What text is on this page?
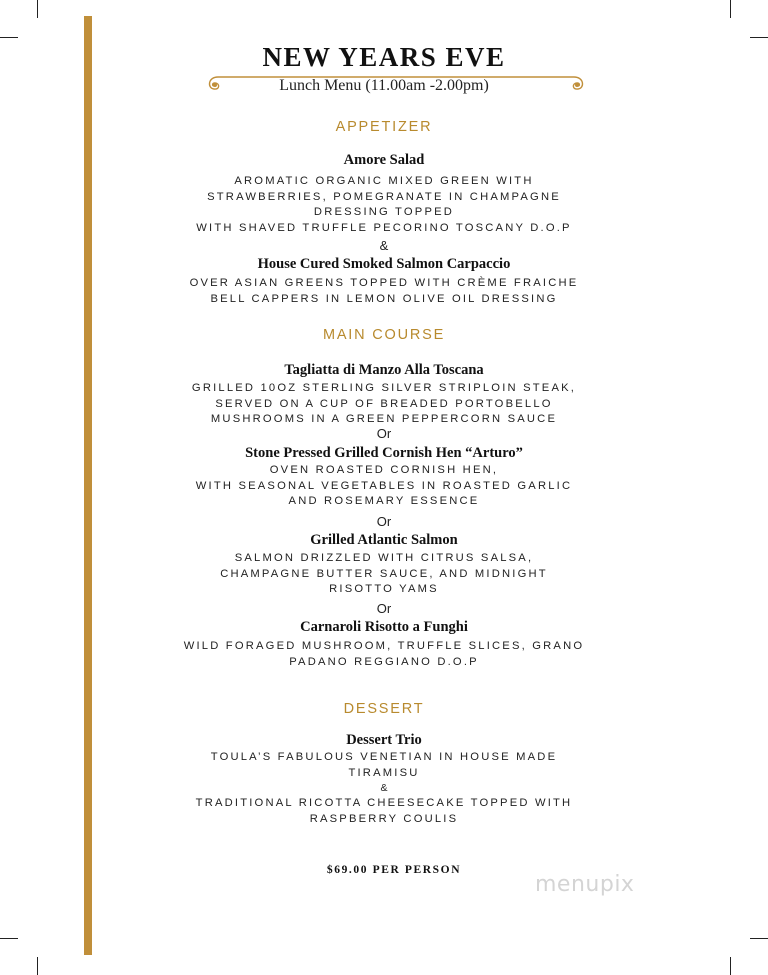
NEW YEARS EVE
Lunch Menu (11.00am -2.00pm)
APPETIZER
Amore Salad
AROMATIC ORGANIC MIXED GREEN WITH
STRAWBERRIES, POMEGRANATE IN CHAMPAGNE
DRESSING TOPPED
WITH SHAVED TRUFFLE PECORINO TOSCANY D.O.P
&
House Cured Smoked Salmon Carpaccio
OVER ASIAN GREENS TOPPED WITH CRÈME FRAICHE
BELL CAPPERS IN LEMON OLIVE OIL DRESSING
MAIN COURSE
Tagliatta di Manzo Alla Toscana
GRILLED 10OZ STERLING SILVER STRIPLOIN STEAK,
SERVED ON A CUP OF BREADED PORTOBELLO
MUSHROOMS IN A GREEN PEPPERCORN SAUCE
Or
Stone Pressed Grilled Cornish Hen “Arturo”
OVEN ROASTED CORNISH HEN,
WITH SEASONAL VEGETABLES IN ROASTED GARLIC
AND ROSEMARY ESSENCE
Or
Grilled Atlantic Salmon
SALMON DRIZZLED WITH CITRUS SALSA,
CHAMPAGNE BUTTER SAUCE, AND MIDNIGHT
RISOTTO YAMS
Or
Carnaroli Risotto a Funghi
WILD FORAGED MUSHROOM, TRUFFLE SLICES, GRANO
PADANO REGGIANO D.O.P
DESSERT
Dessert Trio
TOULA’S FABULOUS VENETIAN IN HOUSE MADE
TIRAMISU
&
TRADITIONAL RICOTTA CHEESECAKE TOPPED WITH
RASPBERRY COULIS
$69.00 PER PERSON
menupix
